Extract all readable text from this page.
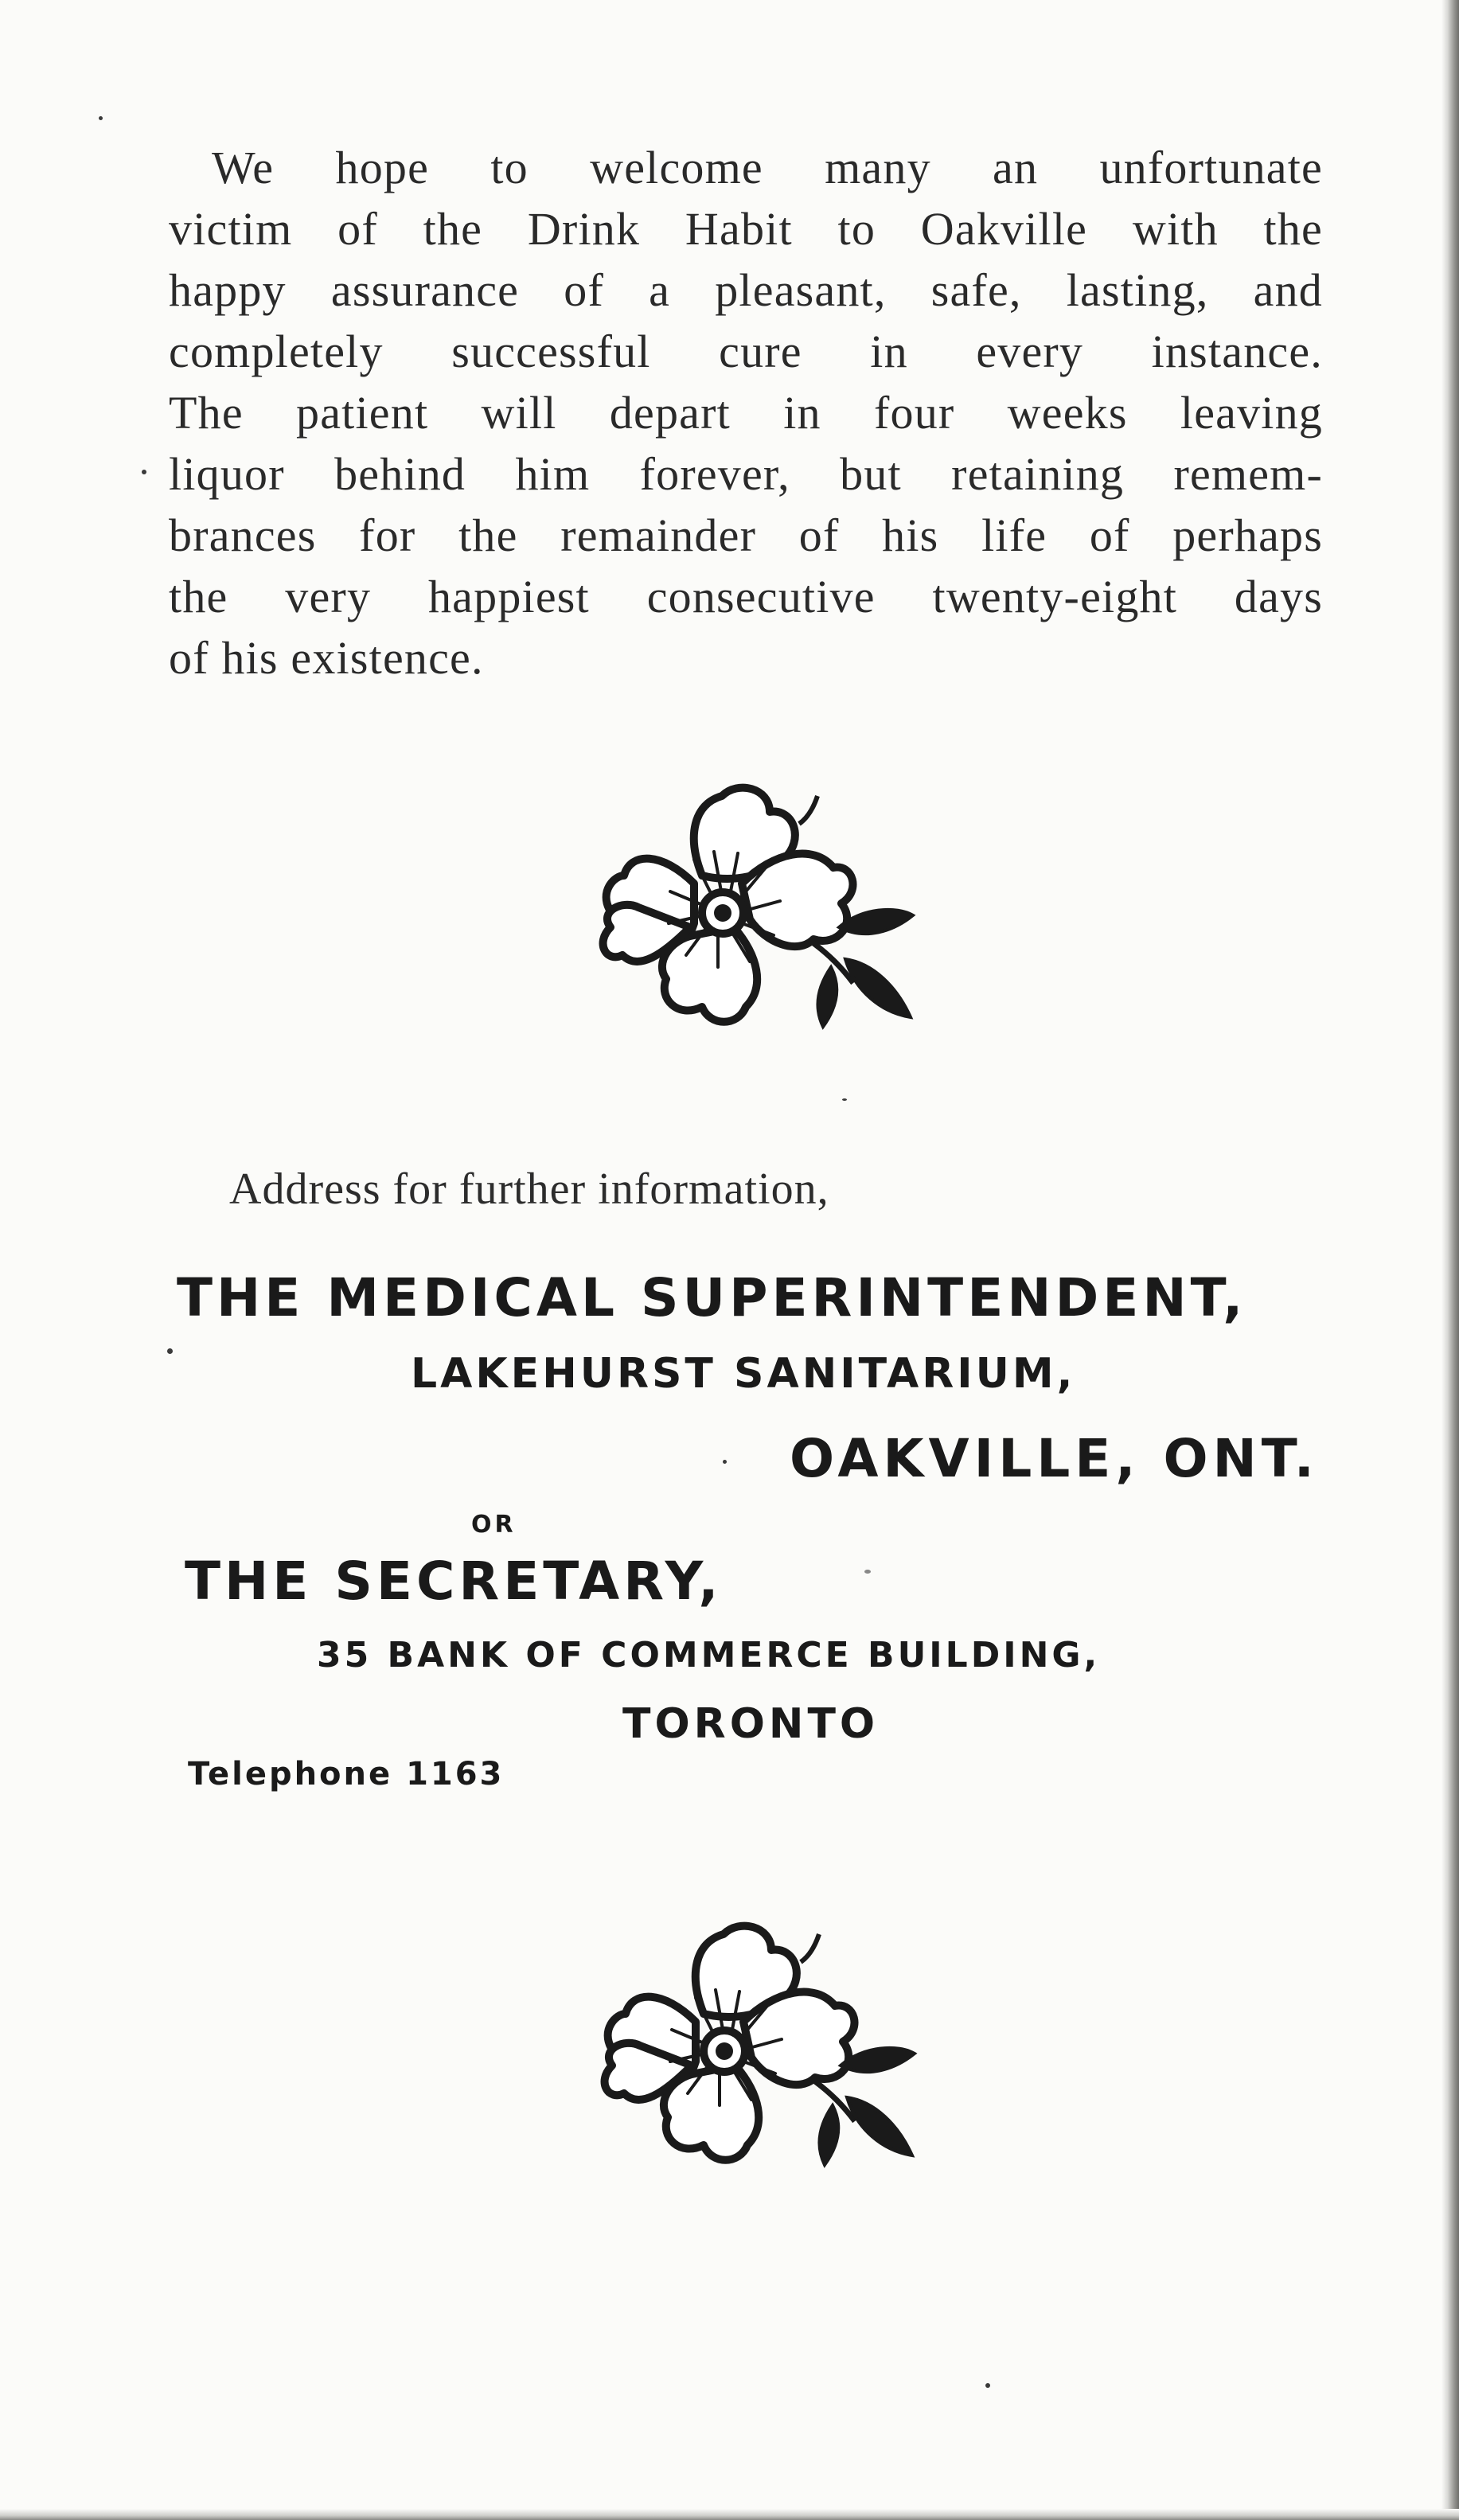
We hope to welcome many an unfortunate
victim of the Drink Habit to Oakville with the
happy assurance of a pleasant, safe, lasting, and
completely successful cure in every instance.
The patient will depart in four weeks leaving
liquor behind him forever, but retaining remem-
brances for the remainder of his life of perhaps
the very happiest consecutive twenty-eight days
of his existence.
Address for further information,
THE MEDICAL SUPERINTENDENT,
LAKEHURST SANITARIUM,
OAKVILLE, ONT.
OR
THE SECRETARY,
35 BANK OF COMMERCE BUILDING,
TORONTO
Telephone 1163
